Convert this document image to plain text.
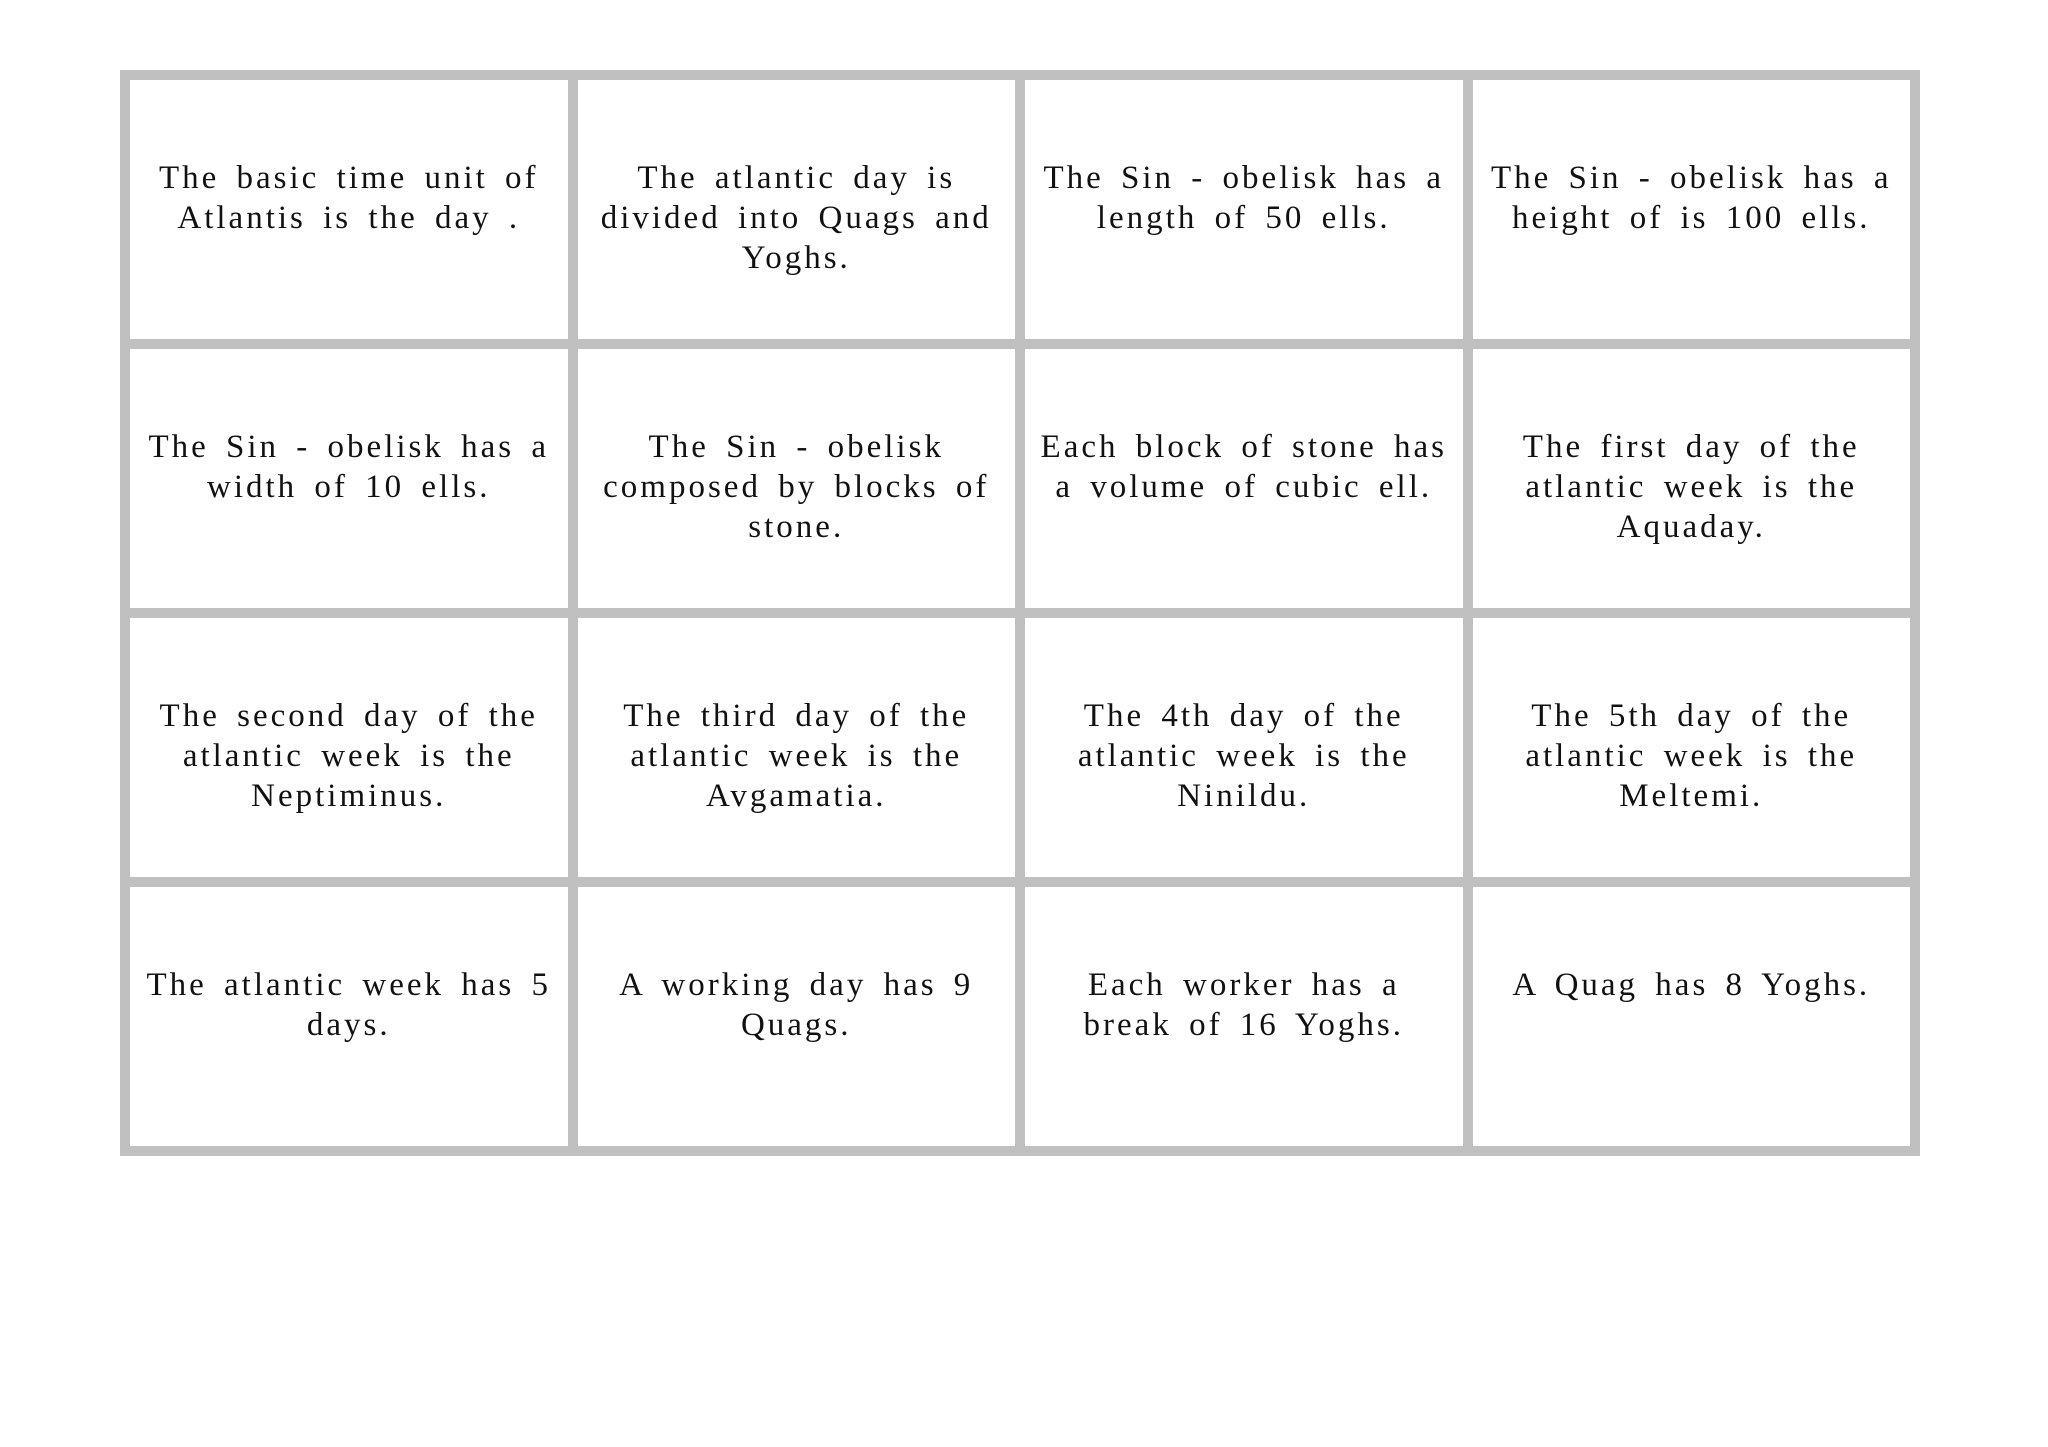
The basic time unit of Atlantis is the day .
The atlantic day is divided into Quags and Yoghs.
The Sin - obelisk has a length of 50 ells.
The Sin - obelisk has a height of is 100 ells.
The Sin - obelisk has a width of 10 ells.
The Sin - obelisk composed by blocks of stone.
Each block of stone has a volume of cubic ell.
The first day of the atlantic week is the Aquaday.
The second day of the atlantic week is the Neptiminus.
The third day of the atlantic week is the Avgamatia.
The 4th day of the atlantic week is the Ninildu.
The 5th day of the atlantic week is the Meltemi.
The atlantic week has 5 days.
A working day has 9 Quags.
Each worker has a break of 16 Yoghs.
A Quag has 8 Yoghs.
